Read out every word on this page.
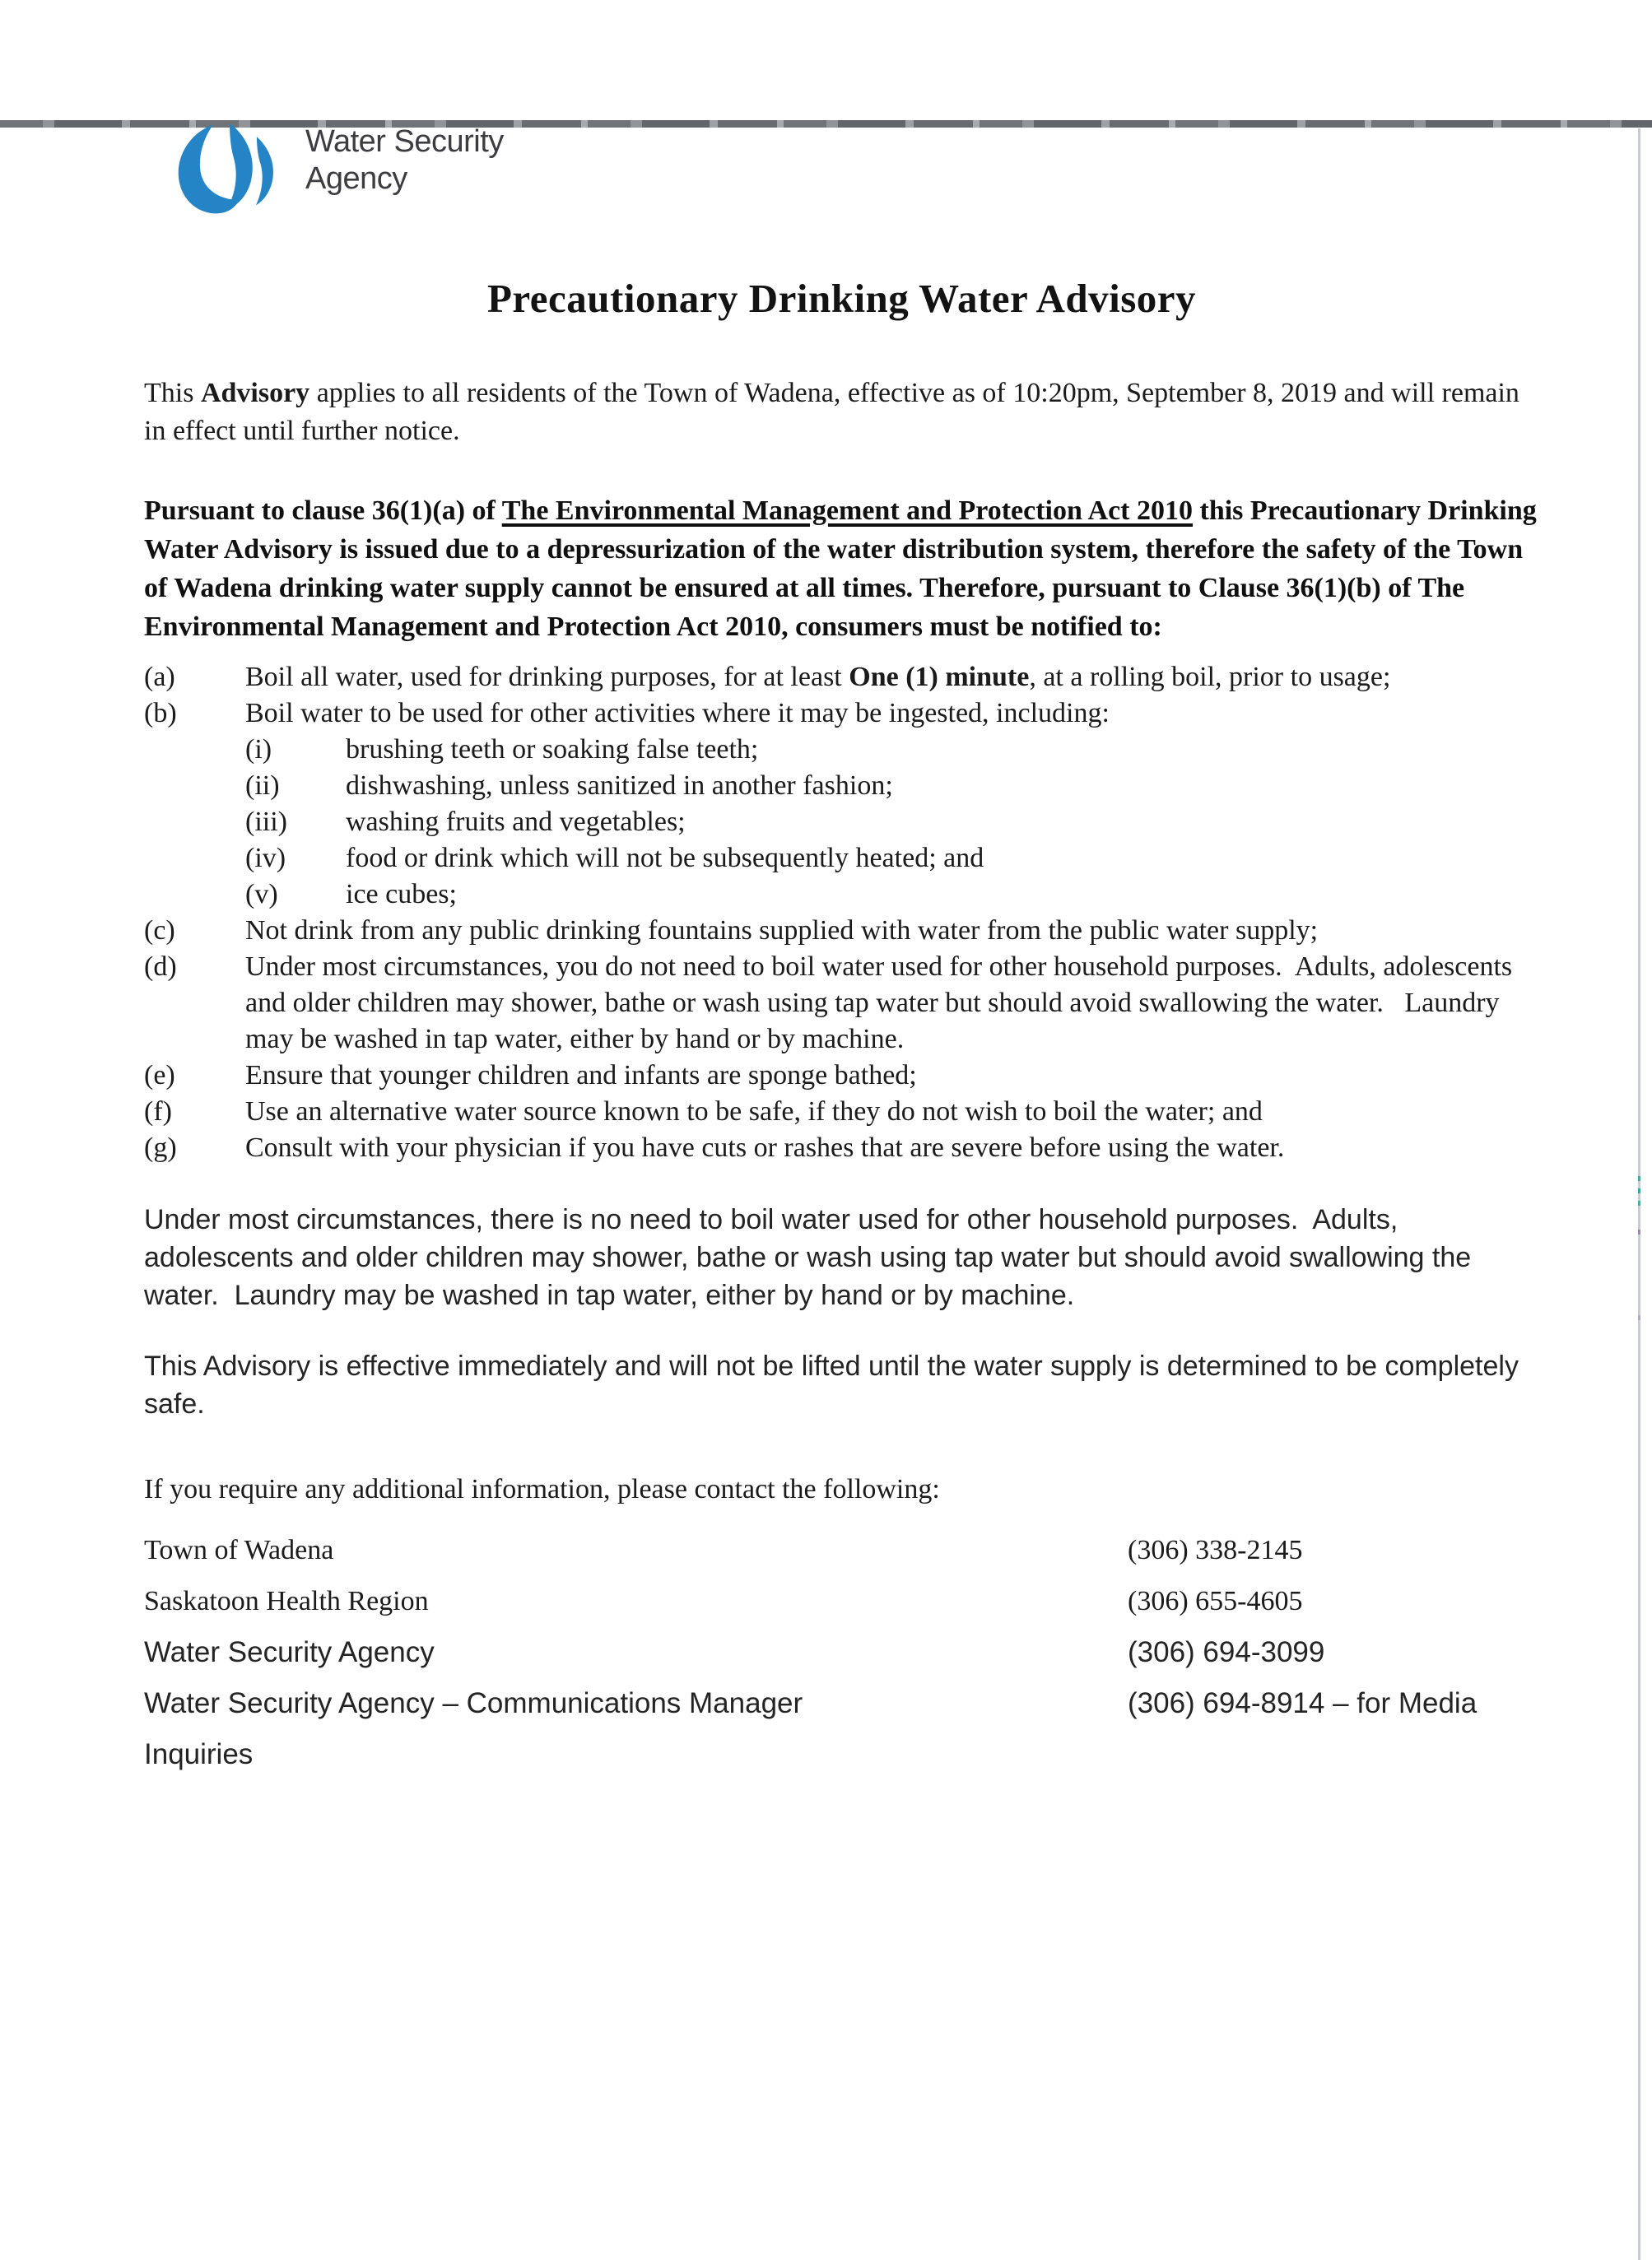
Water Security
Agency
Precautionary Drinking Water Advisory

This Advisory applies to all residents of the Town of Wadena, effective as of 10:20pm, September 8, 2019 and will remain in effect until further notice.

Pursuant to clause 36(1)(a) of The Environmental Management and Protection Act 2010 this Precautionary Drinking Water Advisory is issued due to a depressurization of the water distribution system, therefore the safety of the Town of Wadena drinking water supply cannot be ensured at all times. Therefore, pursuant to Clause 36(1)(b) of The Environmental Management and Protection Act 2010, consumers must be notified to:

(a)	Boil all water, used for drinking purposes, for at least One (1) minute, at a rolling boil, prior to usage;
(b)	Boil water to be used for other activities where it may be ingested, including:
(i)	brushing teeth or soaking false teeth;
(ii)	dishwashing, unless sanitized in another fashion;
(iii)	washing fruits and vegetables;
(iv)	food or drink which will not be subsequently heated; and
(v)	ice cubes;
(c)	Not drink from any public drinking fountains supplied with water from the public water supply;
(d)	Under most circumstances, you do not need to boil water used for other household purposes.  Adults, adolescents and older children may shower, bathe or wash using tap water but should avoid swallowing the water.   Laundry may be washed in tap water, either by hand or by machine.
(e)	Ensure that younger children and infants are sponge bathed;
(f)	Use an alternative water source known to be safe, if they do not wish to boil the water; and
(g)	Consult with your physician if you have cuts or rashes that are severe before using the water.

Under most circumstances, there is no need to boil water used for other household purposes.  Adults, adolescents and older children may shower, bathe or wash using tap water but should avoid swallowing the water.  Laundry may be washed in tap water, either by hand or by machine.

This Advisory is effective immediately and will not be lifted until the water supply is determined to be completely safe.

If you require any additional information, please contact the following:

Town of Wadena	(306) 338-2145
Saskatoon Health Region	(306) 655-4605
Water Security Agency	(306) 694-3099
Water Security Agency – Communications Manager	(306) 694-8914 – for Media
Inquiries
